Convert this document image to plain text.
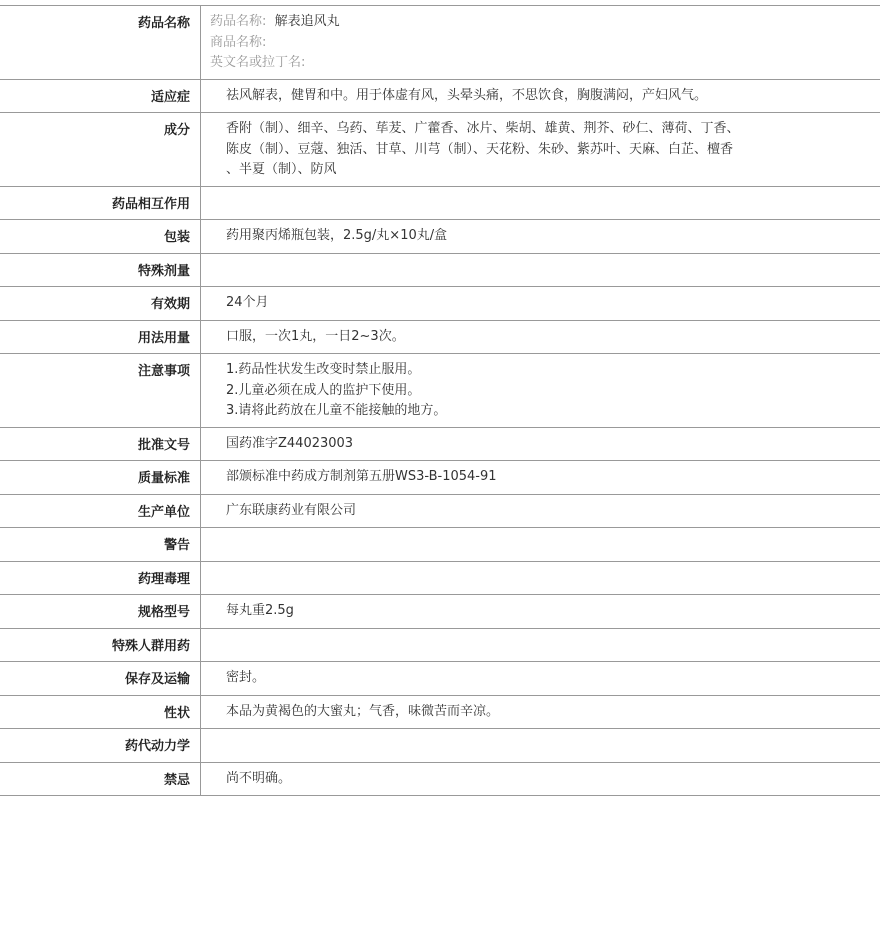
药品名称	药品名称: 解表追风丸
商品名称:
英文名或拉丁名:

适应症	祛风解表，健胃和中。用于体虚有风，头晕头痛，不思饮食，胸腹满闷，产妇风气。

成分	香附（制）、细辛、乌药、荜茇、广藿香、冰片、柴胡、雄黄、荆芥、砂仁、薄荷、丁香、
陈皮（制）、豆蔻、独活、甘草、川芎（制）、天花粉、朱砂、紫苏叶、天麻、白芷、檀香
、半夏（制）、防风

药品相互作用	
包装	药用聚丙烯瓶包装，2.5g/丸×10丸/盒

特殊剂量	
有效期	24个月

用法用量	口服，一次1丸，一日2~3次。

注意事项	1.药品性状发生改变时禁止服用。
2.儿童必须在成人的监护下使用。
3.请将此药放在儿童不能接触的地方。

批准文号	国药准字Z44023003

质量标准	部颁标准中药成方制剂第五册WS3-B-1054-91

生产单位	广东联康药业有限公司

警告	
药理毒理	
规格型号	每丸重2.5g

特殊人群用药	
保存及运输	密封。

性状	本品为黄褐色的大蜜丸；气香，味微苦而辛凉。

药代动力学	
禁忌	尚不明确。
